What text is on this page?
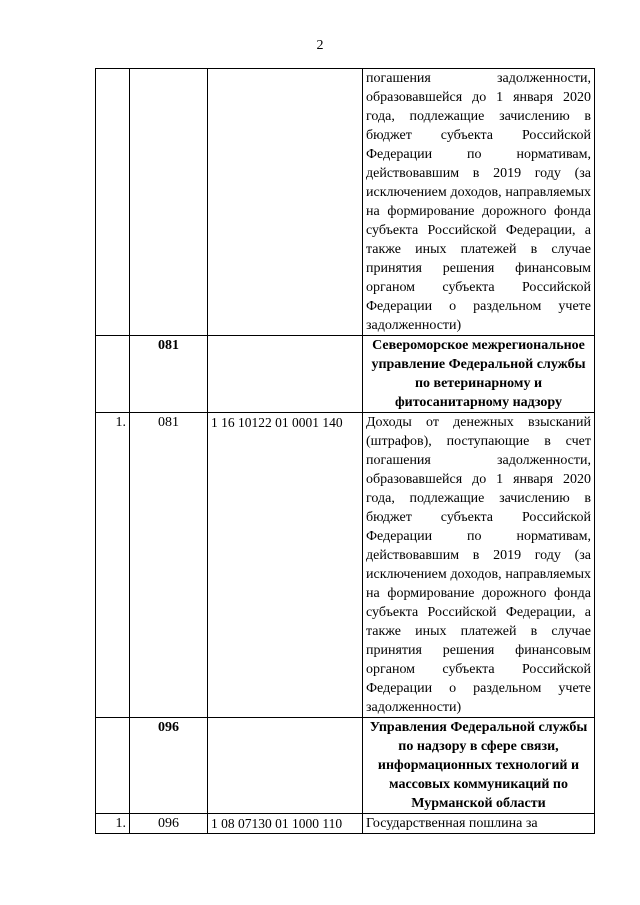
2
			погашения задолженности, образовавшейся до 1 января 2020 года, подлежащие зачислению в бюджет субъекта Российской Федерации по нормативам, действовавшим в 2019 году (за исключением доходов, направляемых на формирование дорожного фонда субъекта Российской Федерации, а также иных платежей в случае принятия решения финансовым органом субъекта Российской Федерации о раздельном учете задолженности)
	081		Североморское межрегиональное управление Федеральной службы по ветеринарному и фитосанитарному надзору
1.	081	1 16 10122 01 0001 140	Доходы от денежных взысканий (штрафов), поступающие в счет погашения задолженности, образовавшейся до 1 января 2020 года, подлежащие зачислению в бюджет субъекта Российской Федерации по нормативам, действовавшим в 2019 году (за исключением доходов, направляемых на формирование дорожного фонда субъекта Российской Федерации, а также иных платежей в случае принятия решения финансовым органом субъекта Российской Федерации о раздельном учете задолженности)
	096		Управления Федеральной службы по надзору в сфере связи, информационных технологий и массовых коммуникаций по Мурманской области
1.	096	1 08 07130 01 1000 110	Государственная пошлина за
